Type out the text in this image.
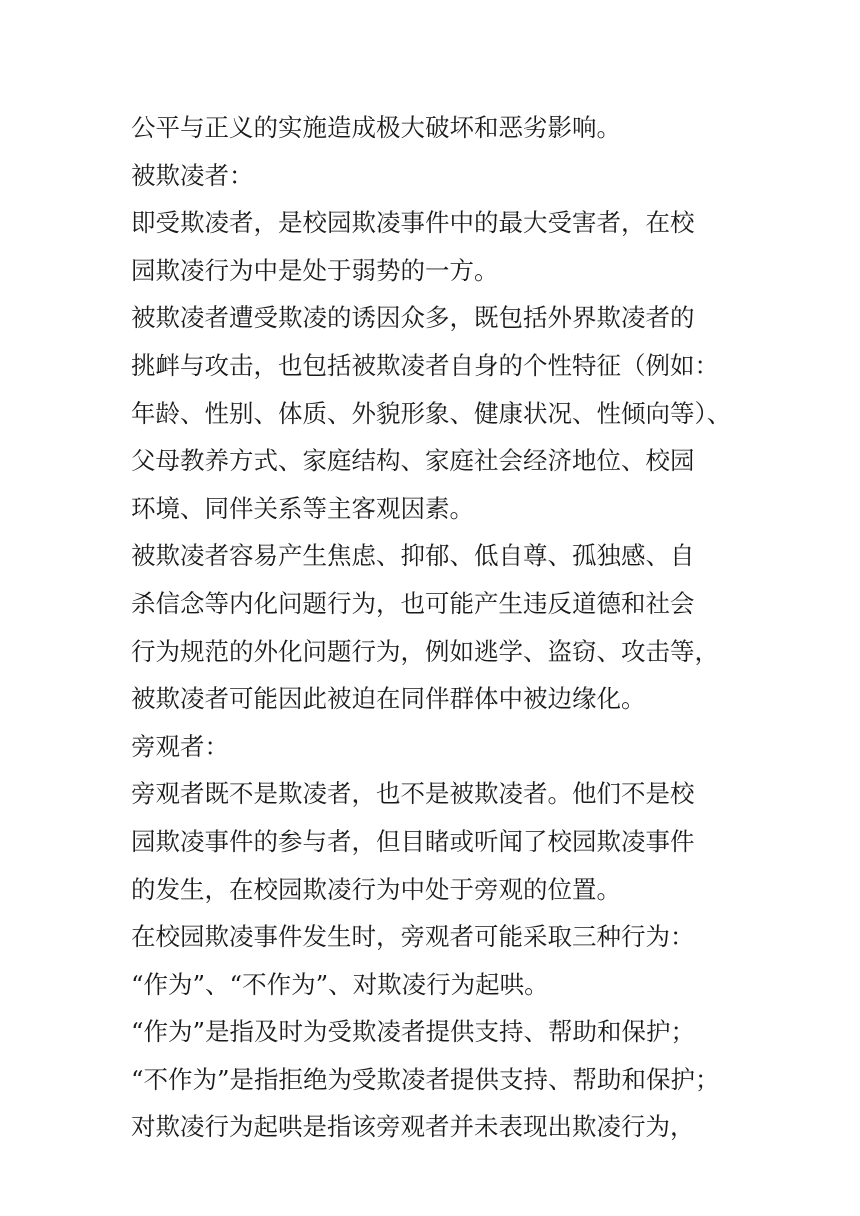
公平与正义的实施造成极大破坏和恶劣影响。
被欺凌者：
即受欺凌者，是校园欺凌事件中的最大受害者，在校
园欺凌行为中是处于弱势的一方。
被欺凌者遭受欺凌的诱因众多，既包括外界欺凌者的
挑衅与攻击，也包括被欺凌者自身的个性特征（例如：
年龄、性别、体质、外貌形象、健康状况、性倾向等）、
父母教养方式、家庭结构、家庭社会经济地位、校园
环境、同伴关系等主客观因素。
被欺凌者容易产生焦虑、抑郁、低自尊、孤独感、自
杀信念等内化问题行为，也可能产生违反道德和社会
行为规范的外化问题行为，例如逃学、盗窃、攻击等，
被欺凌者可能因此被迫在同伴群体中被边缘化。
旁观者：
旁观者既不是欺凌者，也不是被欺凌者。他们不是校
园欺凌事件的参与者，但目睹或听闻了校园欺凌事件
的发生，在校园欺凌行为中处于旁观的位置。
在校园欺凌事件发生时，旁观者可能采取三种行为：
“作为”、“不作为”、对欺凌行为起哄。
“作为”是指及时为受欺凌者提供支持、帮助和保护；
“不作为”是指拒绝为受欺凌者提供支持、帮助和保护；
对欺凌行为起哄是指该旁观者并未表现出欺凌行为，
